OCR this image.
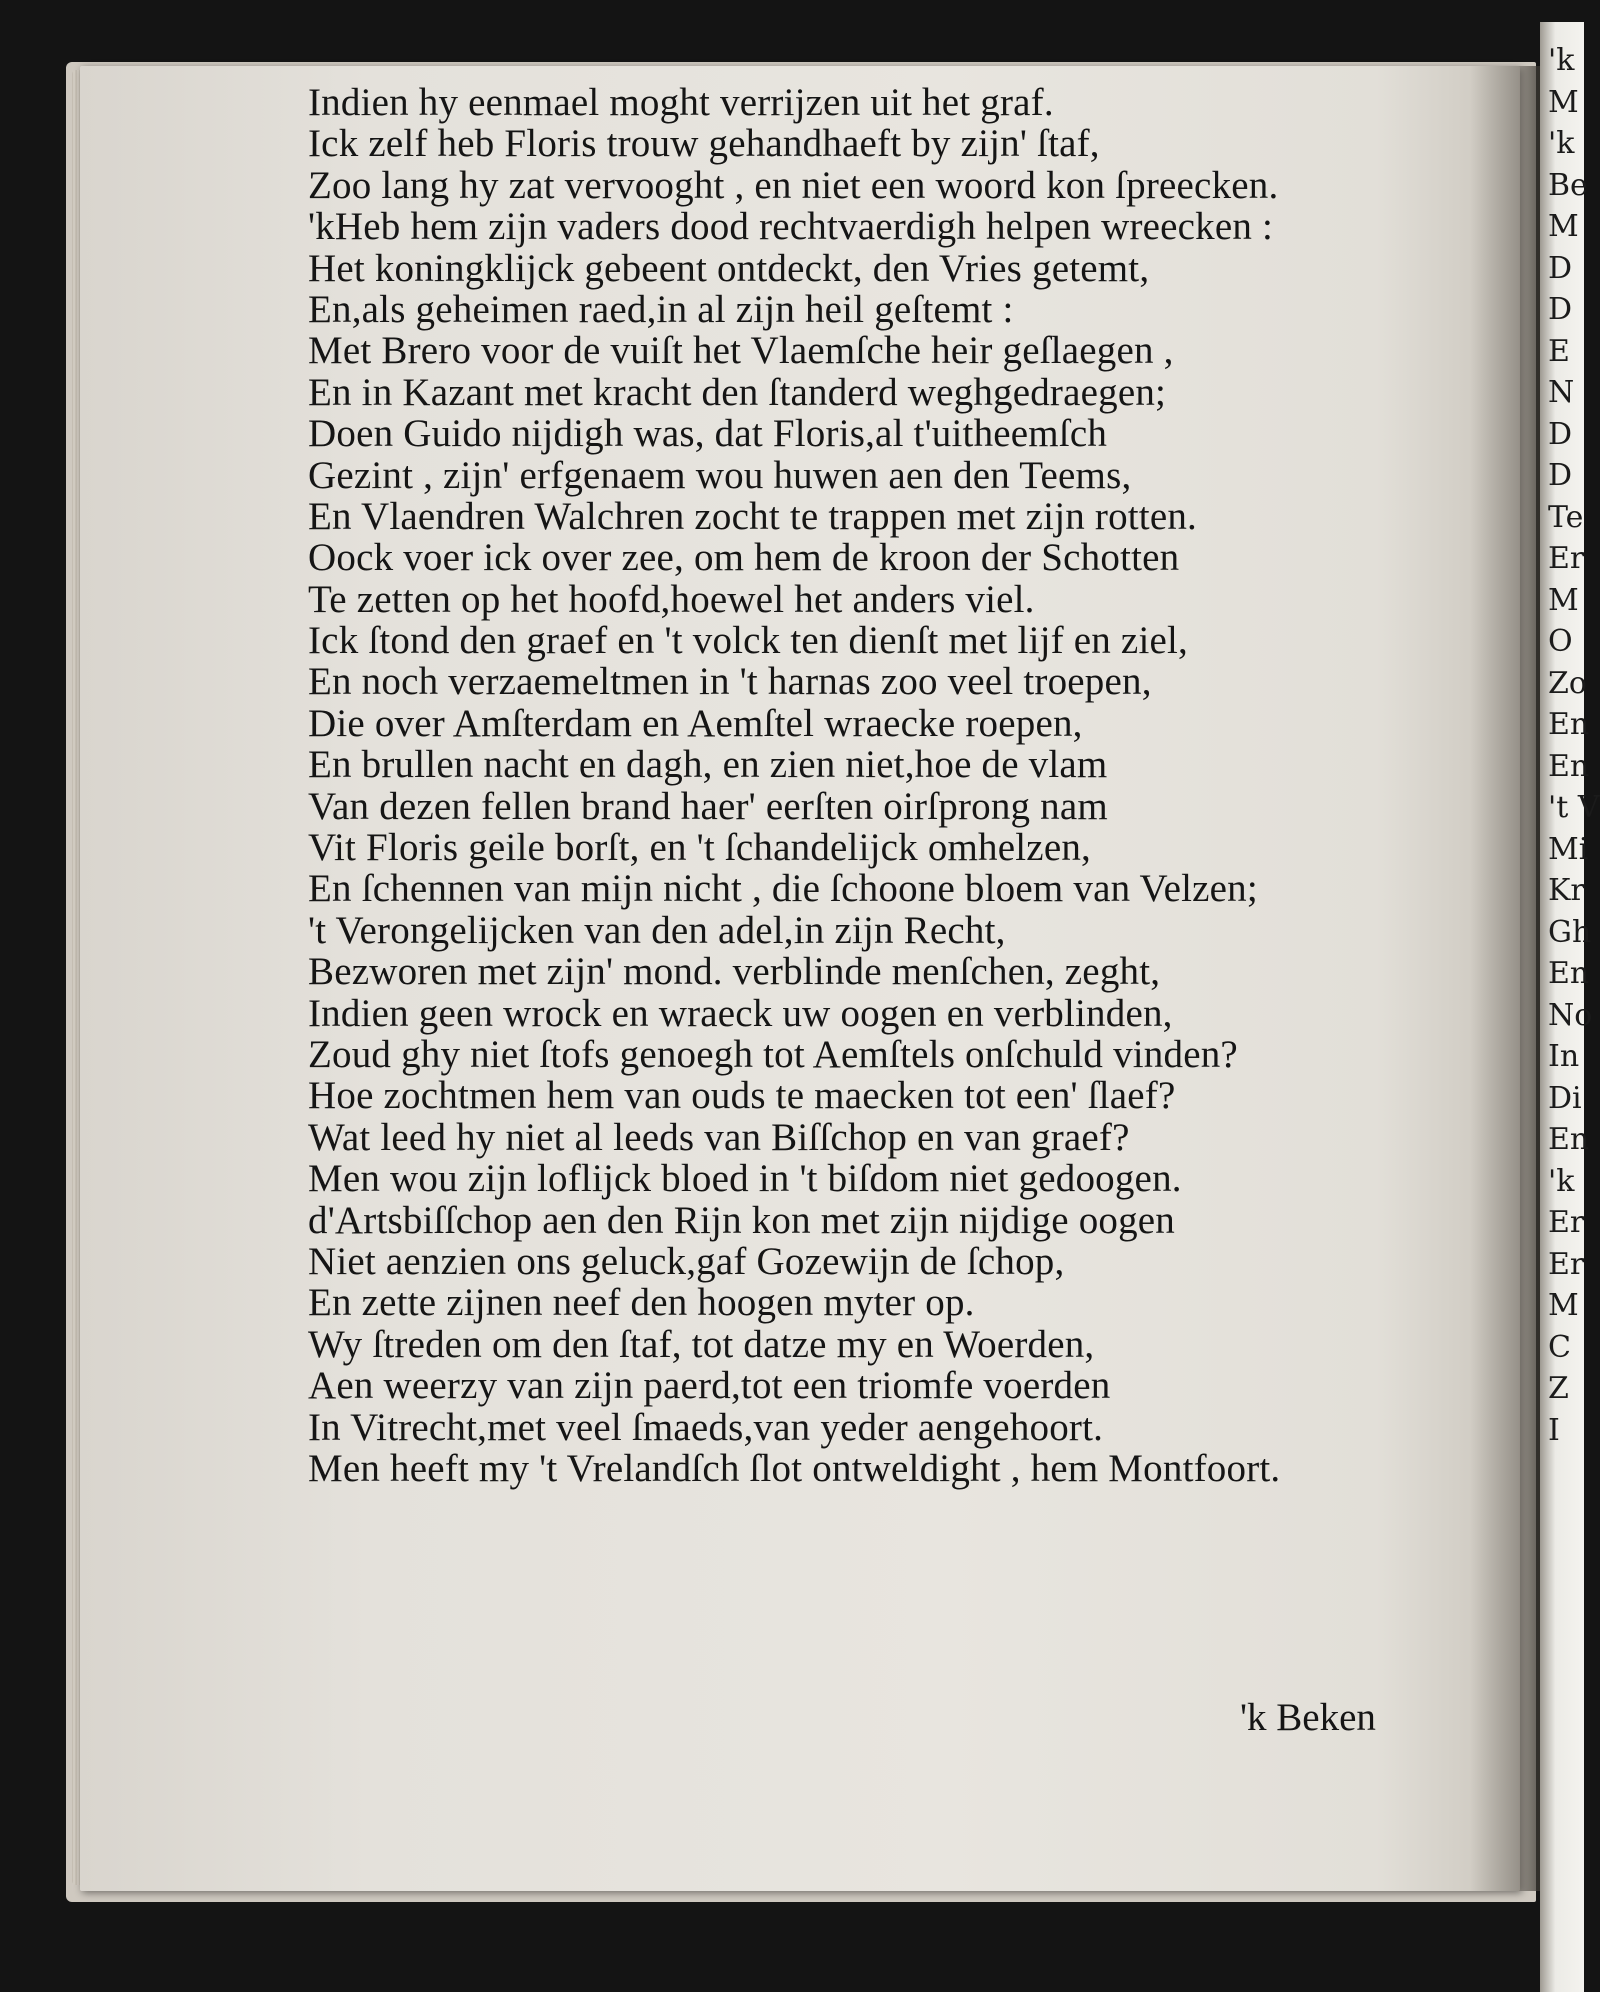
'k
M
'k
Be
M
D
D
E
N
D
D
Te
Er
M
O
Zo
En
En
't V
Mi
Kr
Gh
En
No
In
Di
En
'k
Er
Er
M
C
Z
I
Indien hy eenmael moght verrijzen uit het graf.
Ick zelf heb Floris trouw gehandhaeft by zijn' ſtaf,
Zoo lang hy zat vervooght , en niet een woord kon ſpreecken.
'kHeb hem zijn vaders dood rechtvaerdigh helpen wreecken :
Het koningklijck gebeent ontdeckt, den Vries getemt,
En,als geheimen raed,in al zijn heil geſtemt :
Met Brero voor de vuiſt het Vlaemſche heir geſlaegen ,
En in Kazant met kracht den ſtanderd weghgedraegen;
Doen Guido nijdigh was, dat Floris,al t'uitheemſch
Gezint , zijn' erfgenaem wou huwen aen den Teems,
En Vlaendren Walchren zocht te trappen met zijn rotten.
Oock voer ick over zee, om hem de kroon der Schotten
Te zetten op het hoofd,hoewel het anders viel.
Ick ſtond den graef en 't volck ten dienſt met lijf en ziel,
En noch verzaemeltmen in 't harnas zoo veel troepen,
Die over Amſterdam en Aemſtel wraecke roepen,
En brullen nacht en dagh, en zien niet,hoe de vlam
Van dezen fellen brand haer' eerſten oirſprong nam
Vit Floris geile borſt, en 't ſchandelijck omhelzen,
En ſchennen van mijn nicht , die ſchoone bloem van Velzen;
't Verongelijcken van den adel,in zijn Recht,
Bezworen met zijn' mond. verblinde menſchen, zeght,
Indien geen wrock en wraeck uw oogen en verblinden,
Zoud ghy niet ſtofs genoegh tot Aemſtels onſchuld vinden?
Hoe zochtmen hem van ouds te maecken tot een' ſlaef?
Wat leed hy niet al leeds van Biſſchop en van graef?
Men wou zijn loflijck bloed in 't biſdom niet gedoogen.
d'Artsbiſſchop aen den Rijn kon met zijn nijdige oogen
Niet aenzien ons geluck,gaf Gozewijn de ſchop,
En zette zijnen neef den hoogen myter op.
Wy ſtreden om den ſtaf, tot datze my en Woerden,
Aen weerzy van zijn paerd,tot een triomfe voerden
In Vitrecht,met veel ſmaeds,van yeder aengehoort.
Men heeft my 't Vrelandſch ſlot ontweldight , hem Montfoort.
'k Beken
